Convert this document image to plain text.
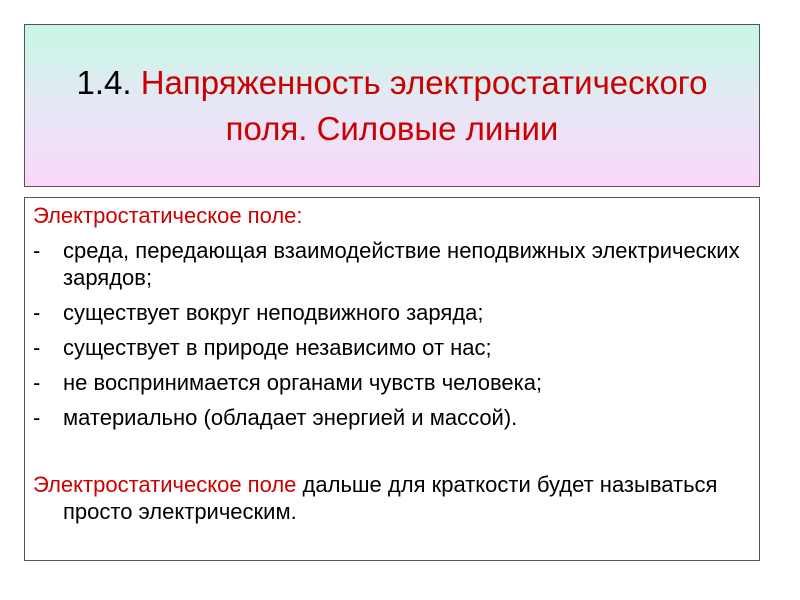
1.4. Напряженность электростатического поля. Силовые линии
Электростатическое поле:
- среда, передающая взаимодействие неподвижных электрических зарядов;
- существует вокруг неподвижного заряда;
- существует в природе независимо от нас;
- не воспринимается органами чувств человека;
- материально (обладает энергией и массой).
Электростатическое поле дальше для краткости будет называться просто электрическим.
